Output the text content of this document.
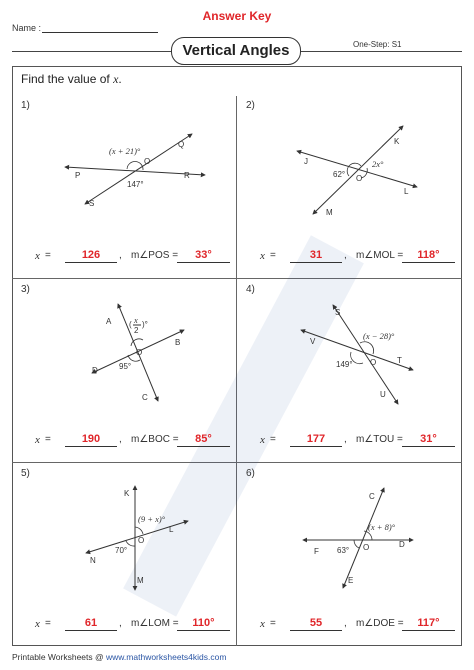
Answer Key
Name :
Vertical Angles	One-Step: S1
Find the value of x.
1)
O
Q
R
P
S
(x + 21)°
147°
x =	126	, m∠POS =	33°
2)
O
K
L
J
M
2x°
62°
x =	31	, m∠MOL =	118°
3)
O
A
B
C
D
( x
2
)°
95°
x =	190	, m∠BOC =	85°
4)
O
S
T
U
V
(x − 28)°
149°
x =	177	, m∠TOU =	31°
5)
O
K
L
M
N
(9 + x)°
70°
x =	61	, m∠LOM =	110°
6)
O
C
D
E
F
(x + 8)°
63°
x =	55	, m∠DOE =	117°
Printable Worksheets @ www.mathworksheets4kids.com
